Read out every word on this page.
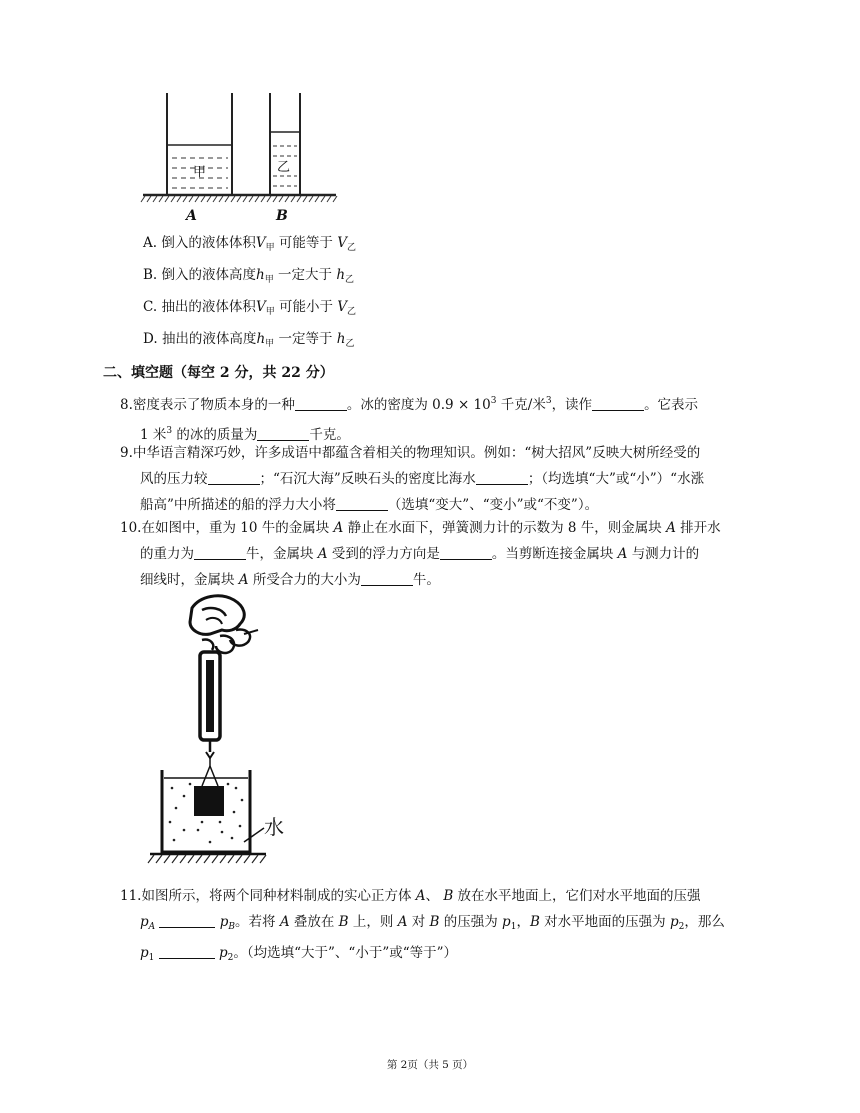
甲	乙
A	B
A. 倒入的液体体积$V_甲$ 可能等于 $V_乙$
B. 倒入的液体高度$h_甲$ 一定大于 $h_乙$
C. 抽出的液体体积$V_甲$ 可能小于 $V_乙$
D. 抽出的液体高度$h_甲$ 一定等于 $h_乙$
二、填空题（每空 2 分，共 22 分）
8.密度表示了物质本身的一种	。冰的密度为 $0.9 \times 10^3$ 千克/米$^3$，读作	。它表示
1 米$^3$ 的冰的质量为	千克。
9.中华语言精深巧妙，许多成语中都蕴含着相关的物理知识。例如：“树大招风”反映大树所经受的
风的压力较	；“石沉大海”反映石头的密度比海水	；（均选填“大”或“小”）“水涨
船高”中所描述的船的浮力大小将	（选填“变大”、“变小”或“不变”）。
10.在如图中，重为 10 牛的金属块 A 静止在水面下，弹簧测力计的示数为 8 牛，则金属块 A 排开水
的重力为	牛，金属块 A 受到的浮力方向是	。当剪断连接金属块 A 与测力计的
细线时，金属块 A 所受合力的大小为	牛。
水
11.如图所示，将两个同种材料制成的实心正方体 A、 B 放在水平地面上，它们对水平地面的压强
$p_A$	$p_B$。若将 A 叠放在 B 上，则 A 对 B 的压强为 $p_1$，B 对水平地面的压强为 $p_2$，那么
$p_1$	$p_2$。（均选填“大于”、“小于”或“等于”）
第 2页（共 5 页）
